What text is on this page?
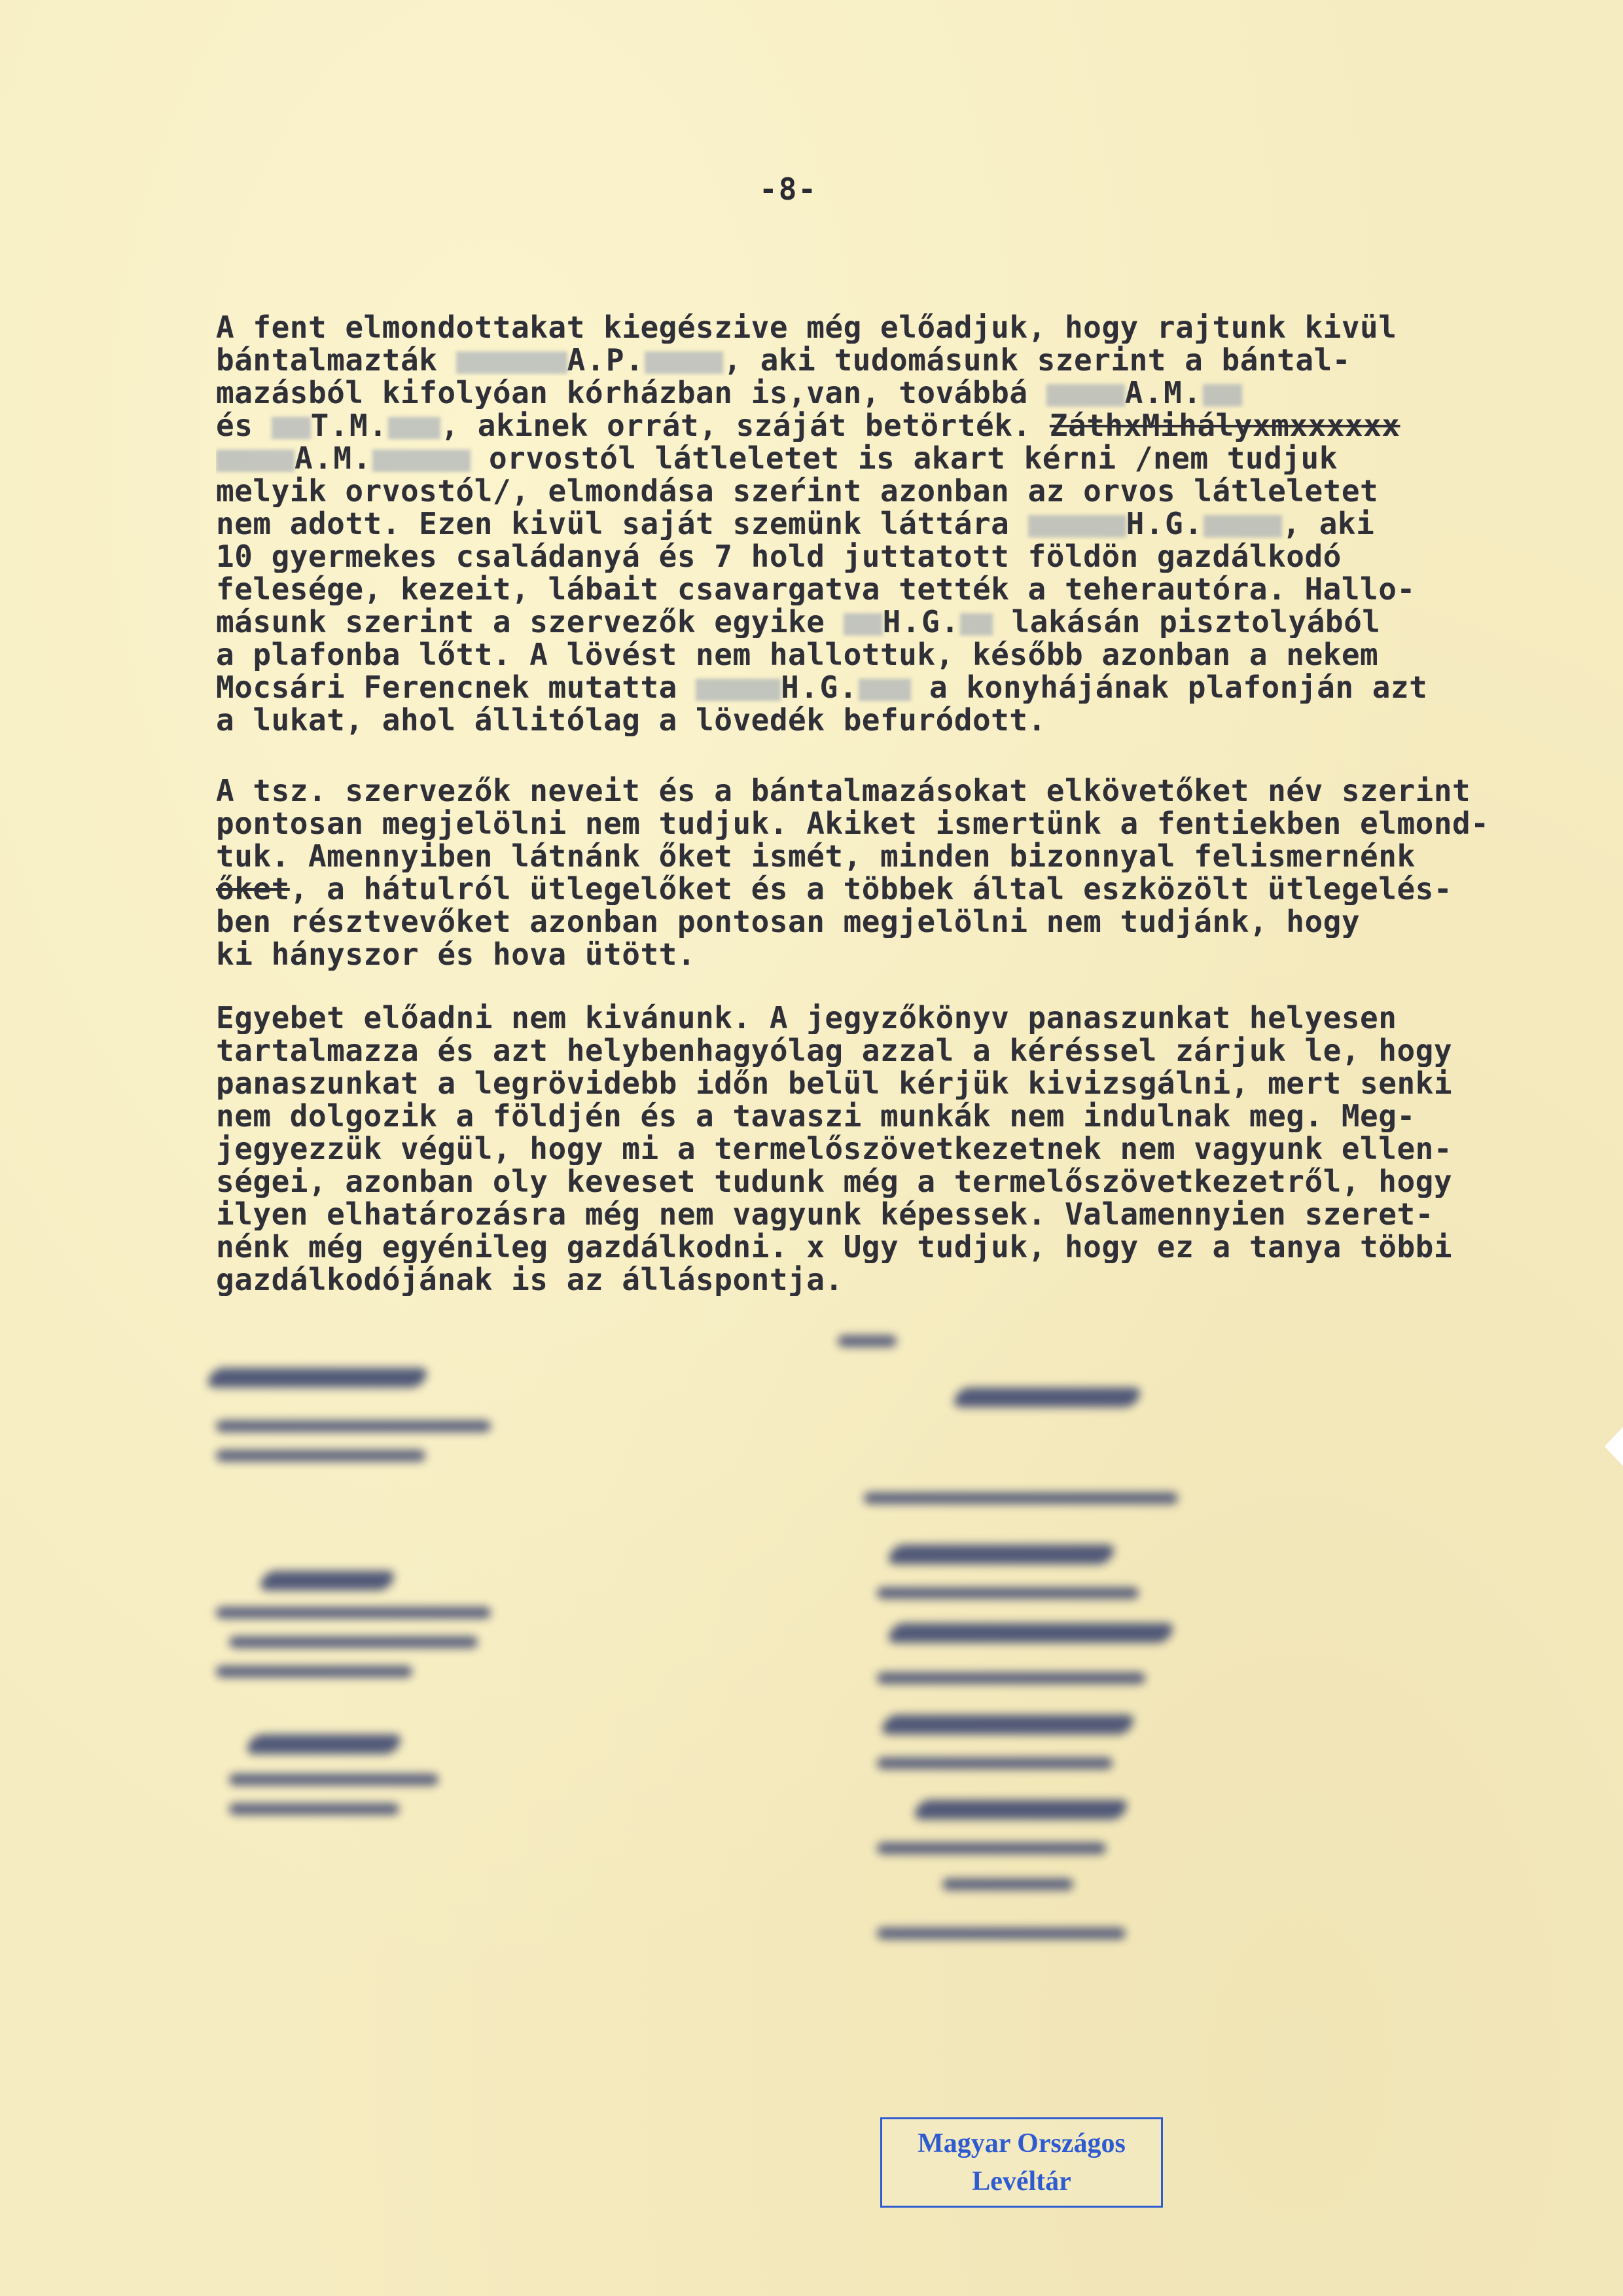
-8-
A fent elmondottakat kiegészive még előadjuk, hogy rajtunk kivül
bántalmazták	A.P.	, aki tudomásunk szerint a bántal-
mazásból kifolyóan kórházban is,van, továbbá	A.M.
és T.M. , akinek orrát, száját betörték. ZáthxMihályxmxxxxxx
A.M.	orvostól látleletet is akart kérni /nem tudjuk
melyik orvostól/, elmondása szeŕint azonban az orvos látleletet
nem adott. Ezen kivül saját szemünk láttára	H.G.	, aki
10 gyermekes családanyá és 7 hold juttatott földön gazdálkodó
felesége, kezeit, lábait csavargatva tették a teherautóra. Hallo-
másunk szerint a szervezők egyike H.G. lakásán pisztolyából
a plafonba lőtt. A lövést nem hallottuk, később azonban a nekem
Mocsári Ferencnek mutatta	H.G. a konyhájának plafonján azt
a lukat, ahol állitólag a lövedék befuródott.
A tsz. szervezők neveit és a bántalmazásokat elkövetőket név szerint
pontosan megjelölni nem tudjuk. Akiket ismertünk a fentiekben elmond-
tuk. Amennyiben látnánk őket ismét, minden bizonnyal felismernénk
őket, a hátulról ütlegelőket és a többek által eszközölt ütlegelés-
ben résztvevőket azonban pontosan megjelölni nem tudjánk, hogy
ki hányszor és hova ütött.
Egyebet előadni nem kivánunk. A jegyzőkönyv panaszunkat helyesen
tartalmazza és azt helybenhagyólag azzal a kéréssel zárjuk le, hogy
panaszunkat a legrövidebb időn belül kérjük kivizsgálni, mert senki
nem dolgozik a földjén és a tavaszi munkák nem indulnak meg. Meg-
jegyezzük végül, hogy mi a termelőszövetkezetnek nem vagyunk ellen-
ségei, azonban oly keveset tudunk még a termelőszövetkezetről, hogy
ilyen elhatározásra még nem vagyunk képessek. Valamennyien szeret-
nénk még egyénileg gazdálkodni. x Ugy tudjuk, hogy ez a tanya többi
gazdálkodójának is az álláspontja.
Magyar Országos
Levéltár
